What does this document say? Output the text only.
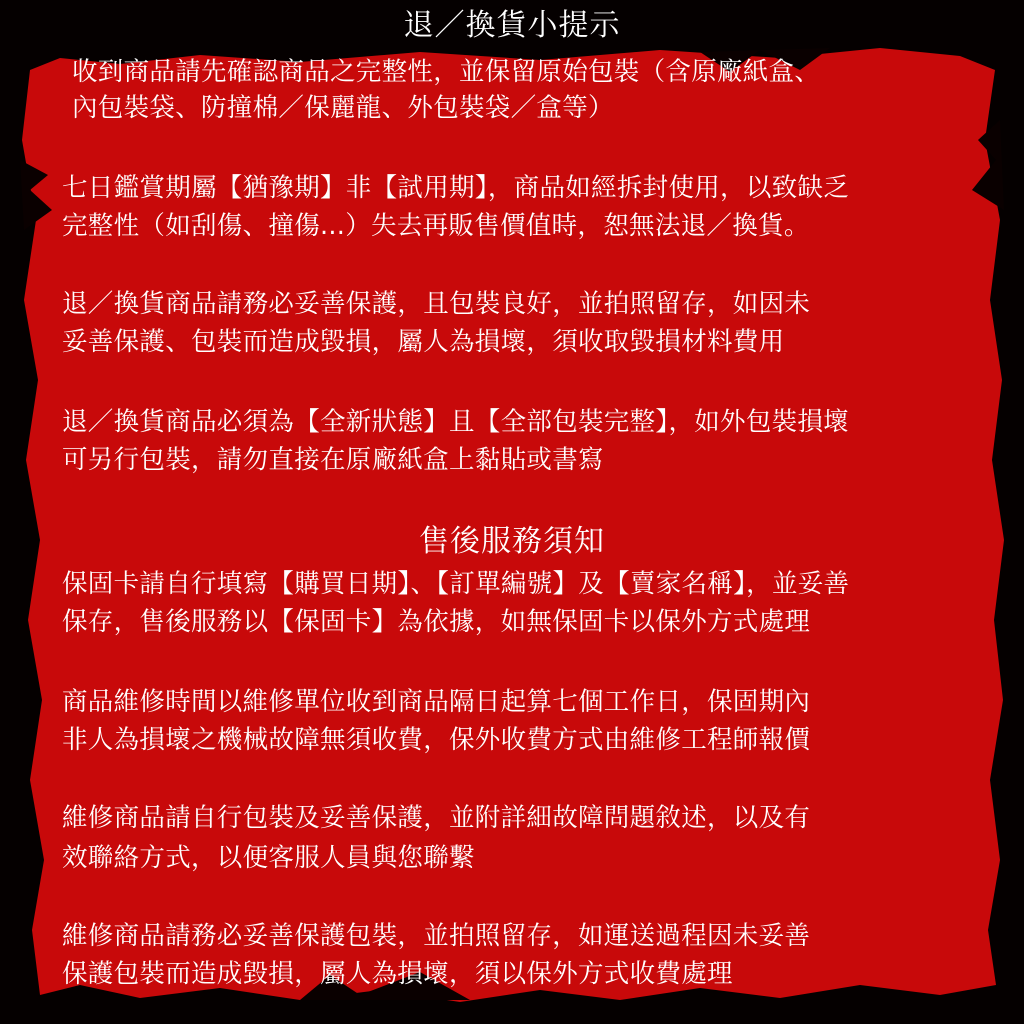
退／換貨小提示
收到商品請先確認商品之完整性，並保留原始包裝（含原廠紙盒、
內包裝袋、防撞棉／保麗龍、外包裝袋／盒等）
七日鑑賞期屬【猶豫期】非【試用期】，商品如經拆封使用，以致缺乏
完整性（如刮傷、撞傷...）失去再販售價值時，恕無法退／換貨。
退／換貨商品請務必妥善保護，且包裝良好，並拍照留存，如因未
妥善保護、包裝而造成毀損，屬人為損壞，須收取毀損材料費用
退／換貨商品必須為【全新狀態】且【全部包裝完整】，如外包裝損壞
可另行包裝，請勿直接在原廠紙盒上黏貼或書寫
售後服務須知
保固卡請自行填寫【購買日期】、【訂單編號】及【賣家名稱】，並妥善
保存，售後服務以【保固卡】為依據，如無保固卡以保外方式處理
商品維修時間以維修單位收到商品隔日起算七個工作日，保固期內
非人為損壞之機械故障無須收費，保外收費方式由維修工程師報價
維修商品請自行包裝及妥善保護，並附詳細故障問題敘述，以及有
效聯絡方式，以便客服人員與您聯繫
維修商品請務必妥善保護包裝，並拍照留存，如運送過程因未妥善
保護包裝而造成毀損，屬人為損壞，須以保外方式收費處理
